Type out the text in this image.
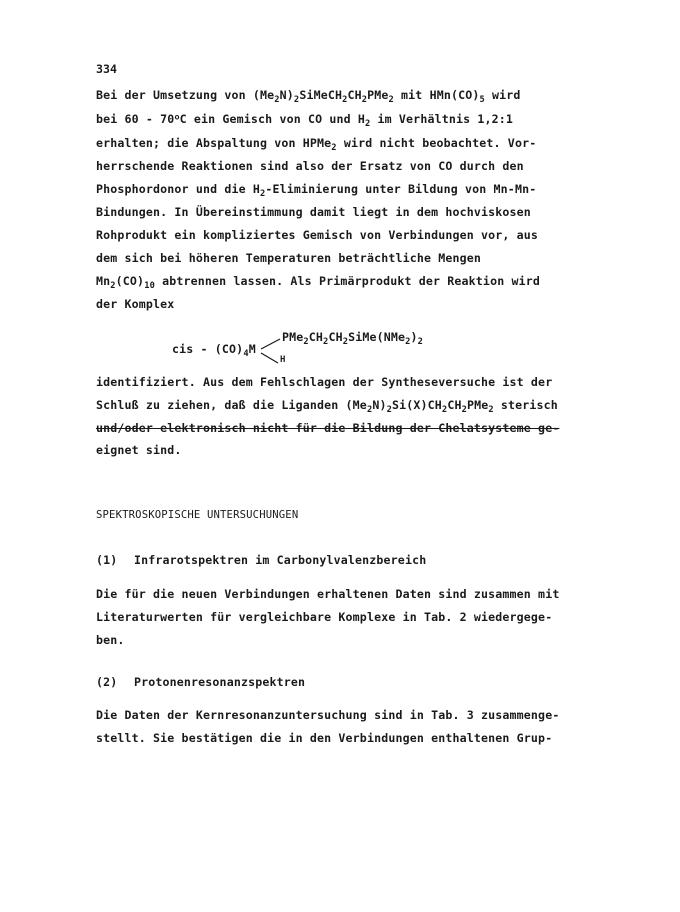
334
Bei der Umsetzung von $(Me_2N)_2SiMeCH_2CH_2PMe_2$ mit $HMn(CO)_5$ wird
bei 60 - 70$^o$C ein Gemisch von CO und $H_2$ im Verhältnis 1,2:1
erhalten; die Abspaltung von HPMe$_2$ wird nicht beobachtet. Vor-
herrschende Reaktionen sind also der Ersatz von CO durch den
Phosphordonor und die $H_2$-Eliminierung unter Bildung von Mn-Mn-
Bindungen. In Übereinstimmung damit liegt in dem hochviskosen
Rohprodukt ein kompliziertes Gemisch von Verbindungen vor, aus
dem sich bei höheren Temperaturen beträchtliche Mengen
$Mn_2(CO)_{10}$ abtrennen lassen. Als Primärprodukt der Reaktion wird
der Komplex
cis - $(CO)_4M$
$PMe_2CH_2CH_2SiMe(NMe_2)_2$
H
identifiziert. Aus dem Fehlschlagen der Syntheseversuche ist der
Schluß zu ziehen, daß die Liganden $(Me_2N)_2Si(X)CH_2CH_2PMe_2$ sterisch
und/oder elektronisch nicht für die Bildung der Chelatsysteme ge-
eignet sind.
SPEKTROSKOPISCHE UNTERSUCHUNGEN
(1) Infrarotspektren im Carbonylvalenzbereich
Die für die neuen Verbindungen erhaltenen Daten sind zusammen mit
Literaturwerten für vergleichbare Komplexe in Tab. 2 wiedergege-
ben.
(2) Protonenresonanzspektren
Die Daten der Kernresonanzuntersuchung sind in Tab. 3 zusammenge-
stellt. Sie bestätigen die in den Verbindungen enthaltenen Grup-
